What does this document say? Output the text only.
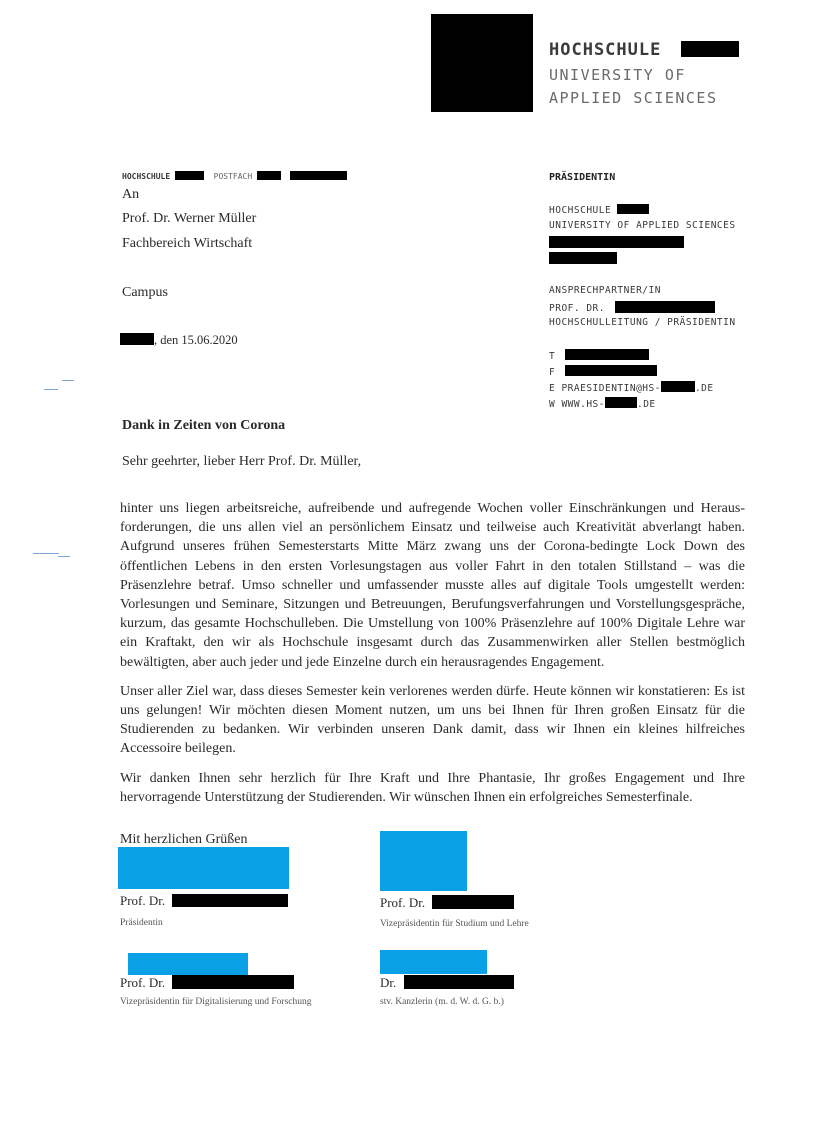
HOCHSCHULE
UNIVERSITY OF
APPLIED SCIENCES
HOCHSCHULE	POSTFACH
An
Prof. Dr. Werner Müller
Fachbereich Wirtschaft
Campus
, den 15.06.2020
PRÄSIDENTIN
HOCHSCHULE
UNIVERSITY OF APPLIED SCIENCES
ANSPRECHPARTNER/IN
PROF. DR.
HOCHSCHULLEITUNG / PRÄSIDENTIN
T
F
E PRAESIDENTIN@HS-	.DE
W WWW.HS-	.DE
Dank in Zeiten von Corona
Sehr geehrter, lieber Herr Prof. Dr. Müller,

hinter uns liegen arbeitsreiche, aufreibende und aufregende Wochen voller Einschränkungen und Heraus-forderungen, die uns allen viel an persönlichem Einsatz und teilweise auch Kreativität abverlangt haben. Aufgrund unseres frühen Semesterstarts Mitte März zwang uns der Corona-bedingte Lock Down des öffentlichen Lebens in den ersten Vorlesungstagen aus voller Fahrt in den totalen Stillstand – was die Präsenzlehre betraf. Umso schneller und umfassender musste alles auf digitale Tools umgestellt werden: Vorlesungen und Seminare, Sitzungen und Betreuungen, Berufungsverfahrungen und Vorstellungsgespräche, kurzum, das gesamte Hochschulleben. Die Umstellung von 100% Präsenzlehre auf 100% Digitale Lehre war ein Kraftakt, den wir als Hochschule insgesamt durch das Zusammenwirken aller Stellen bestmöglich bewältigten, aber auch jeder und jede Einzelne durch ein herausragendes Engagement.

Unser aller Ziel war, dass dieses Semester kein verlorenes werden dürfe. Heute können wir konstatieren: Es ist uns gelungen! Wir möchten diesen Moment nutzen, um uns bei Ihnen für Ihren großen Einsatz für die Studierenden zu bedanken. Wir verbinden unseren Dank damit, dass wir Ihnen ein kleines hilfreiches Accessoire beilegen.

Wir danken Ihnen sehr herzlich für Ihre Kraft und Ihre Phantasie, Ihr großes Engagement und Ihre hervorragende Unterstützung der Studierenden. Wir wünschen Ihnen ein erfolgreiches Semesterfinale.

Mit herzlichen Grüßen
Prof. Dr.
Präsidentin
Prof. Dr.
Vizepräsidentin für Studium und Lehre
Prof. Dr.
Vizepräsidentin für Digitalisierung und Forschung
Dr.
stv. Kanzlerin (m. d. W. d. G. b.)
